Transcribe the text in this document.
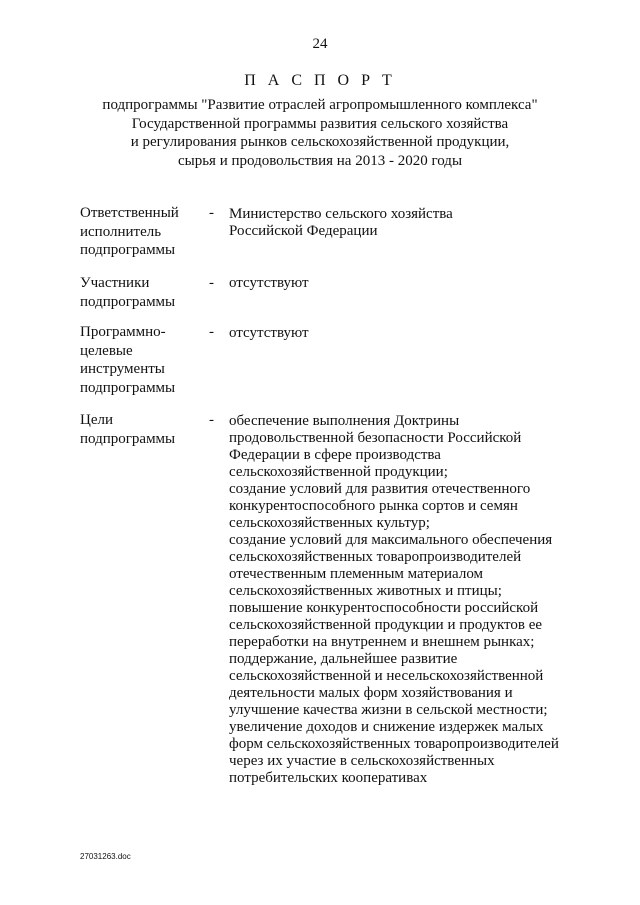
24
П А С П О Р Т
подпрограммы "Развитие отраслей агропромышленного комплекса"
Государственной программы развития сельского хозяйства
и регулирования рынков сельскохозяйственной продукции,
сырья и продовольствия на 2013 - 2020 годы
Ответственный
исполнитель
подпрограммы
- Министерство сельского хозяйства
Российской Федерации
Участники
подпрограммы
- отсутствуют
Программно-
целевые
инструменты
подпрограммы
- отсутствуют
Цели
подпрограммы
- обеспечение выполнения Доктрины
продовольственной безопасности Российской
Федерации в сфере производства
сельскохозяйственной продукции;
создание условий для развития отечественного
конкурентоспособного рынка сортов и семян
сельскохозяйственных культур;
создание условий для максимального обеспечения
сельскохозяйственных товаропроизводителей
отечественным племенным материалом
сельскохозяйственных животных и птицы;
повышение конкурентоспособности российской
сельскохозяйственной продукции и продуктов ее
переработки на внутреннем и внешнем рынках;
поддержание, дальнейшее развитие
сельскохозяйственной и несельскохозяйственной
деятельности малых форм хозяйствования и
улучшение качества жизни в сельской местности;
увеличение доходов и снижение издержек малых
форм сельскохозяйственных товаропроизводителей
через их участие в сельскохозяйственных
потребительских кооперативах
27031263.doc
